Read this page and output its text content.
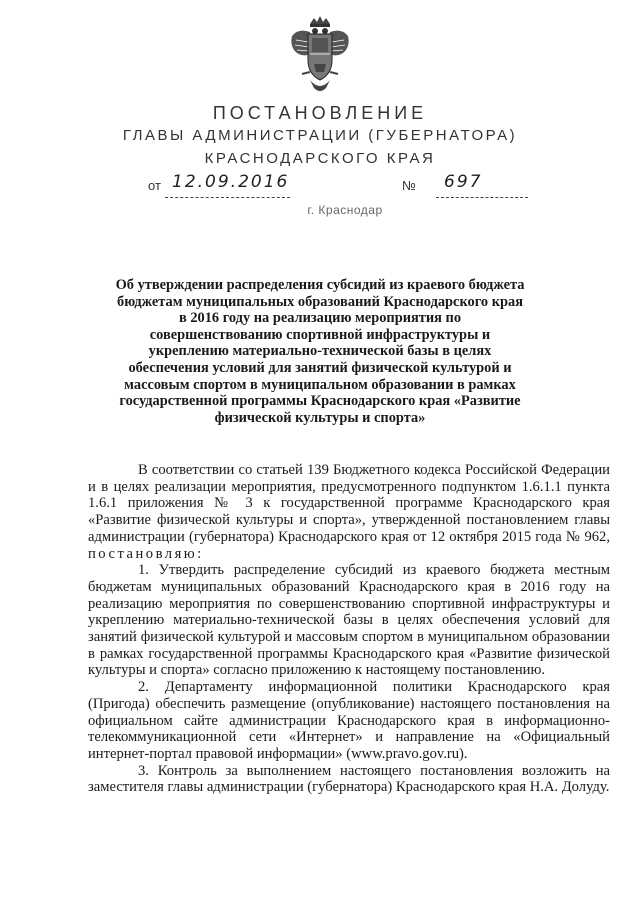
ПОСТАНОВЛЕНИЕ
ГЛАВЫ АДМИНИСТРАЦИИ (ГУБЕРНАТОРА)
КРАСНОДАРСКОГО КРАЯ
от 12.09.2016	№ 697
г. Краснодар
Об утверждении распределения субсидий из краевого бюджета бюджетам муниципальных образований Краснодарского края в 2016 году на реализацию мероприятия по совершенствованию спортивной инфраструктуры и укреплению материально-технической базы в целях обеспечения условий для занятий физической культурой и массовым спортом в муниципальном образовании в рамках государственной программы Краснодарского края «Развитие физической культуры и спорта»

В соответствии со статьей 139 Бюджетного кодекса Российской Федерации и в целях реализации мероприятия, предусмотренного подпунктом 1.6.1.1 пункта 1.6.1 приложения № 3 к государственной программе Краснодарского края «Развитие физической культуры и спорта», утвержденной постановлением главы администрации (губернатора) Краснодарского края от 12 октября 2015 года № 962, постановляю:

1. Утвердить распределение субсидий из краевого бюджета местным бюджетам муниципальных образований Краснодарского края в 2016 году на реализацию мероприятия по совершенствованию спортивной инфраструктуры и укреплению материально-технической базы в целях обеспечения условий для занятий физической культурой и массовым спортом в муниципальном образовании в рамках государственной программы Краснодарского края «Развитие физической культуры и спорта» согласно приложению к настоящему постановлению.

2. Департаменту информационной политики Краснодарского края (Пригода) обеспечить размещение (опубликование) настоящего постановления на официальном сайте администрации Краснодарского края в информационно-телекоммуникационной сети «Интернет» и направление на «Официальный интернет-портал правовой информации» (www.pravo.gov.ru).

3. Контроль за выполнением настоящего постановления возложить на заместителя главы администрации (губернатора) Краснодарского края Н.А. Долуду.
